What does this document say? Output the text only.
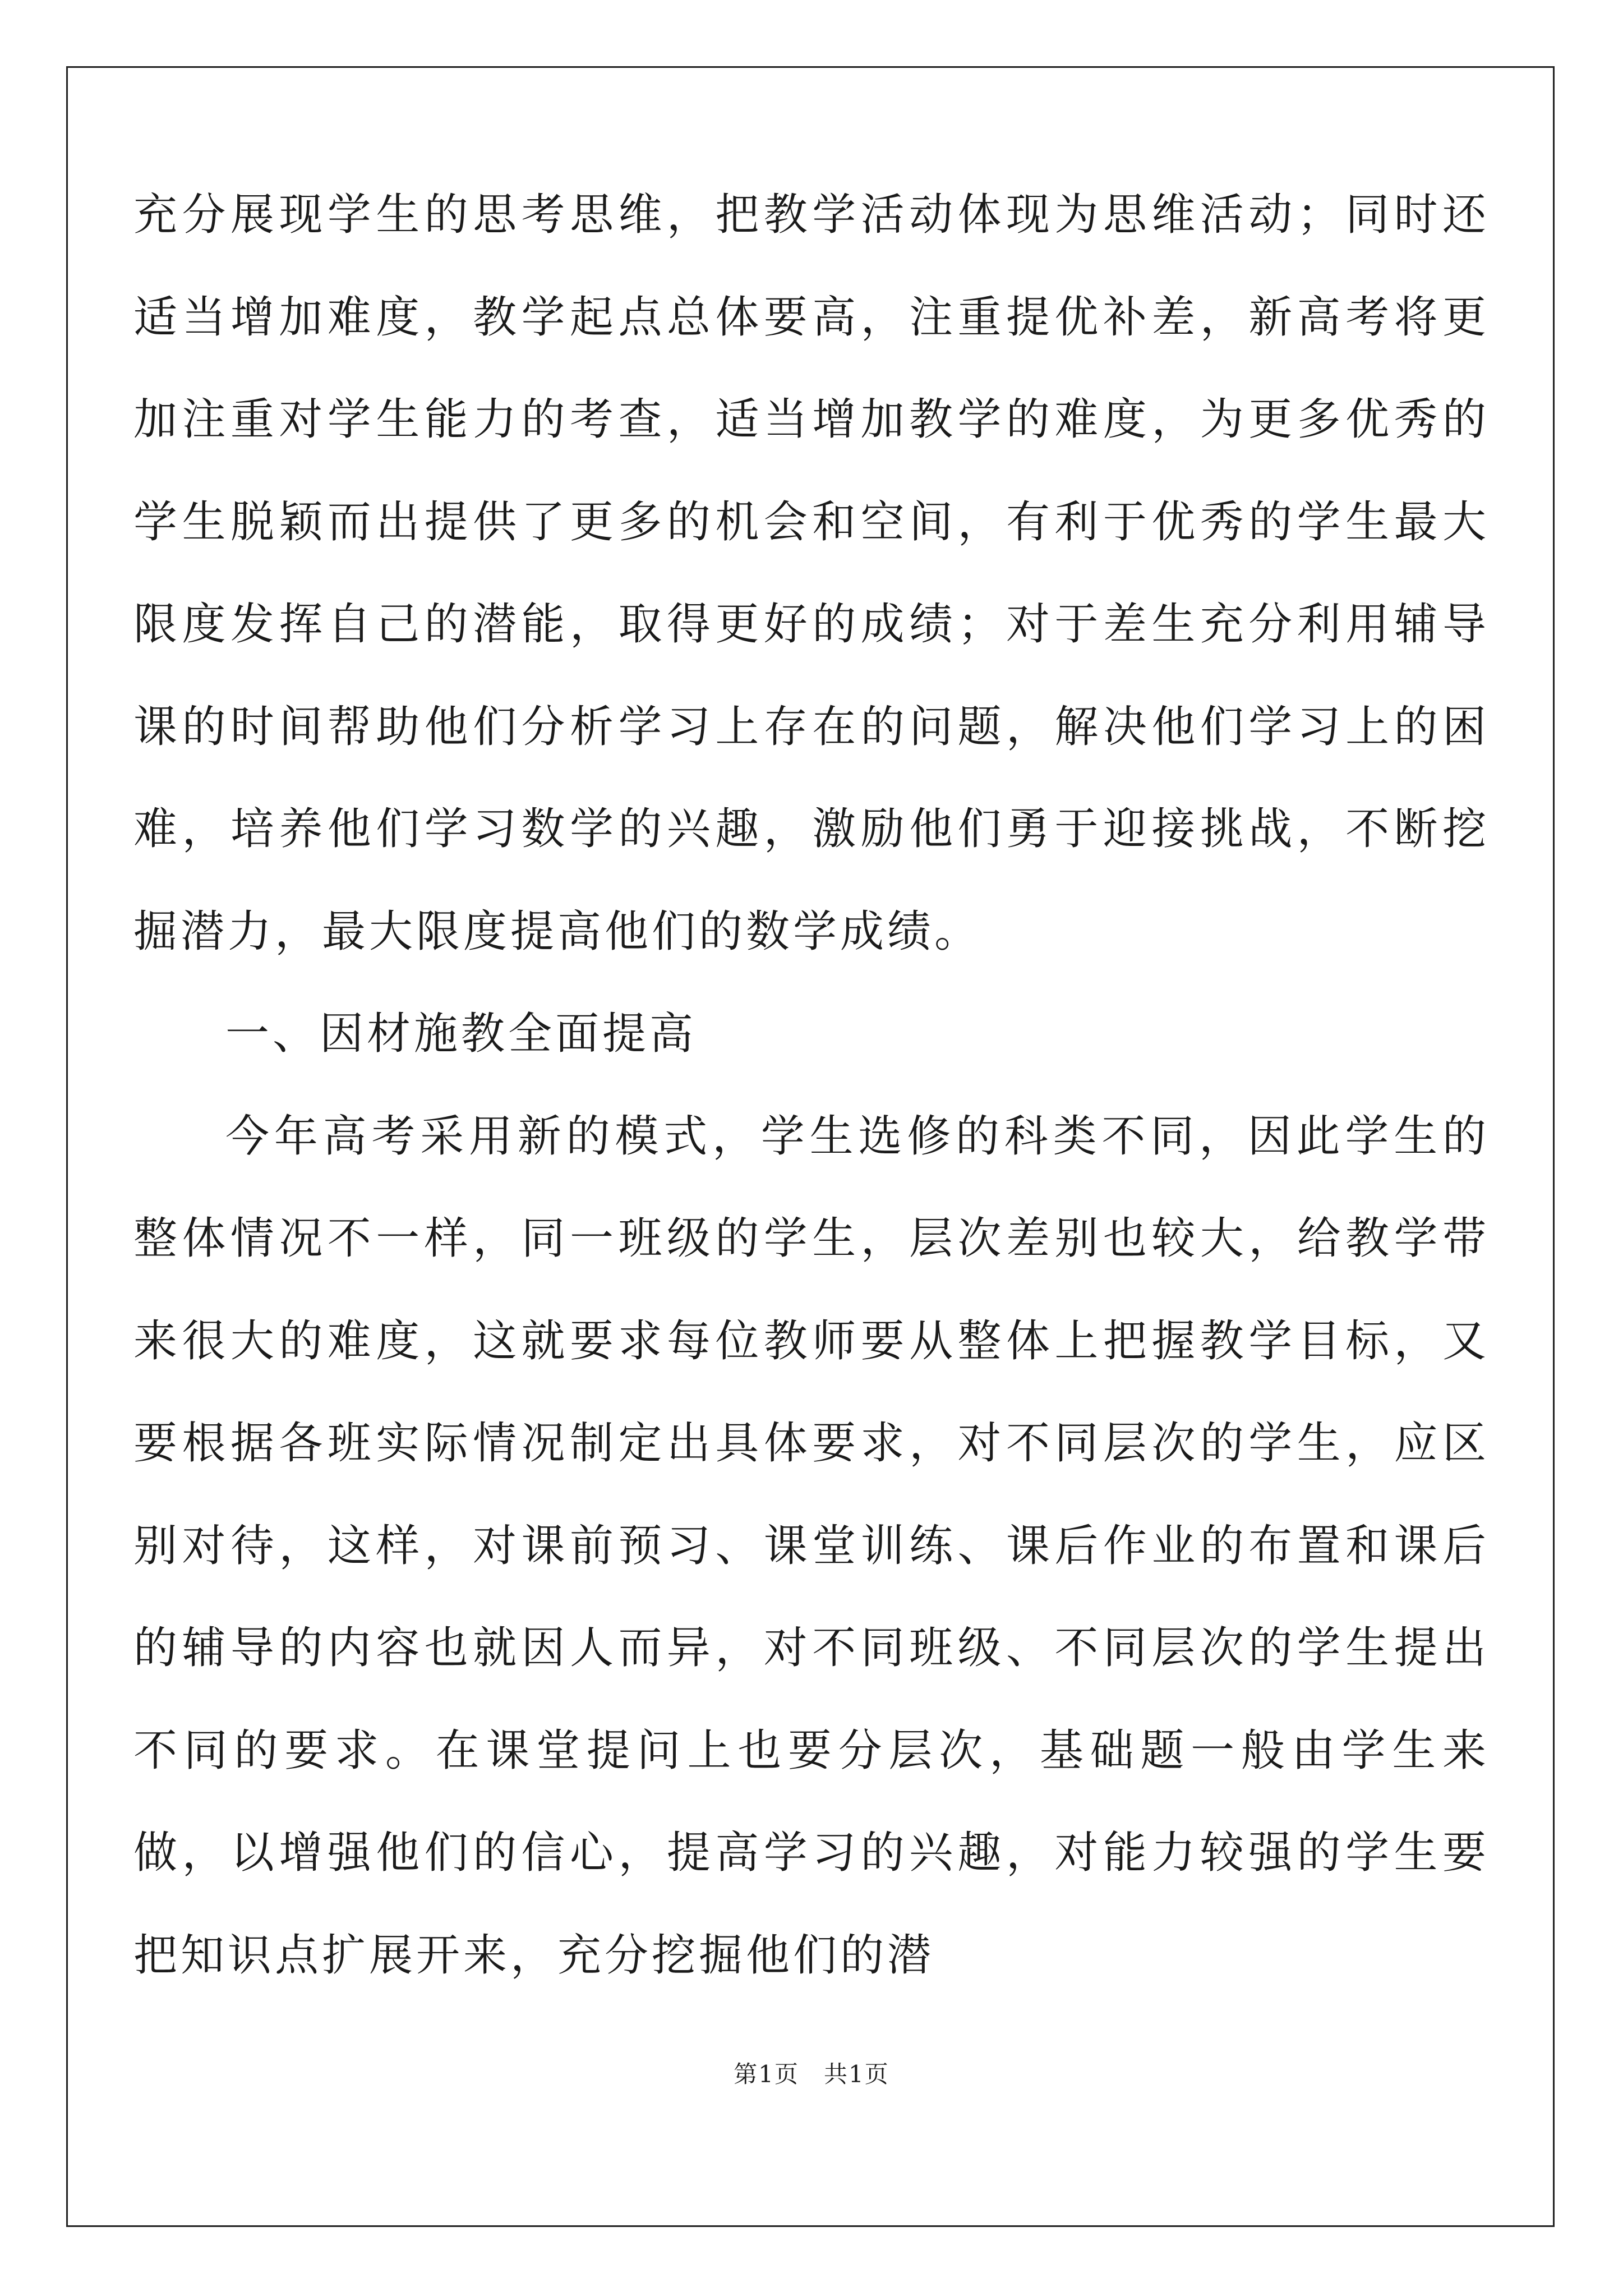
充分展现学生的思考思维，把教学活动体现为思维活动；同时还适当增加难度，教学起点总体要高，注重提优补差，新高考将更加注重对学生能力的考查，适当增加教学的难度，为更多优秀的学生脱颖而出提供了更多的机会和空间，有利于优秀的学生最大限度发挥自己的潜能，取得更好的成绩；对于差生充分利用辅导课的时间帮助他们分析学习上存在的问题，解决他们学习上的困难，培养他们学习数学的兴趣，激励他们勇于迎接挑战，不断挖掘潜力，最大限度提高他们的数学成绩。

一、因材施教全面提高

今年高考采用新的模式，学生选修的科类不同，因此学生的整体情况不一样，同一班级的学生，层次差别也较大，给教学带来很大的难度，这就要求每位教师要从整体上把握教学目标，又要根据各班实际情况制定出具体要求，对不同层次的学生，应区别对待，这样，对课前预习、课堂训练、课后作业的布置和课后的辅导的内容也就因人而异，对不同班级、不同层次的学生提出不同的要求。在课堂提问上也要分层次，基础题一般由学生来做，以增强他们的信心，提高学习的兴趣，对能力较强的学生要把知识点扩展开来，充分挖掘他们的潜

第1页　共1页
